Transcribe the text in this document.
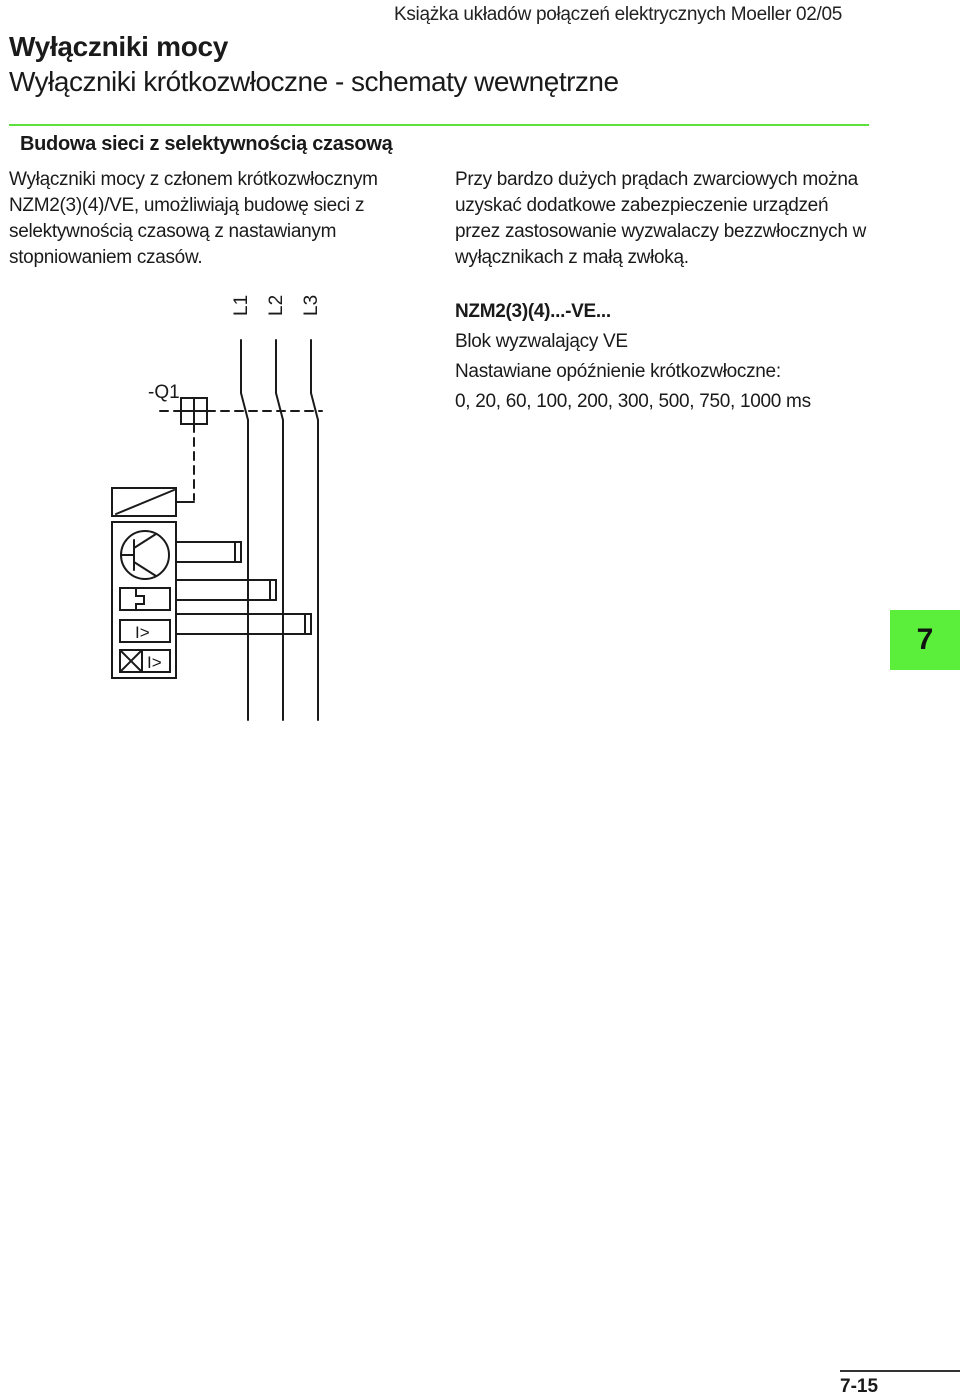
Książka układów połączeń elektrycznych Moeller 02/05
Wyłączniki mocy
Wyłączniki krótkozwłoczne - schematy wewnętrzne
Budowa sieci z selektywnością czasową

Wyłączniki mocy z członem krótkozwłocznym NZM2(3)(4)/VE, umożliwiają budowę sieci z selektywnością czasową z nastawianym stopniowaniem czasów.

Przy bardzo dużych prądach zwarciowych można uzyskać dodatkowe zabezpieczenie urządzeń przez zastosowanie wyzwalaczy bezzwłocznych w wyłącznikach z małą zwłoką.

NZM2(3)(4)...-VE...
Blok wyzwalający VE
Nastawiane opóźnienie krótkozwłoczne:
0, 20, 60, 100, 200, 300, 500, 750, 1000 ms
-Q1
L1 L2 L3
I>
I>
7
7-15
